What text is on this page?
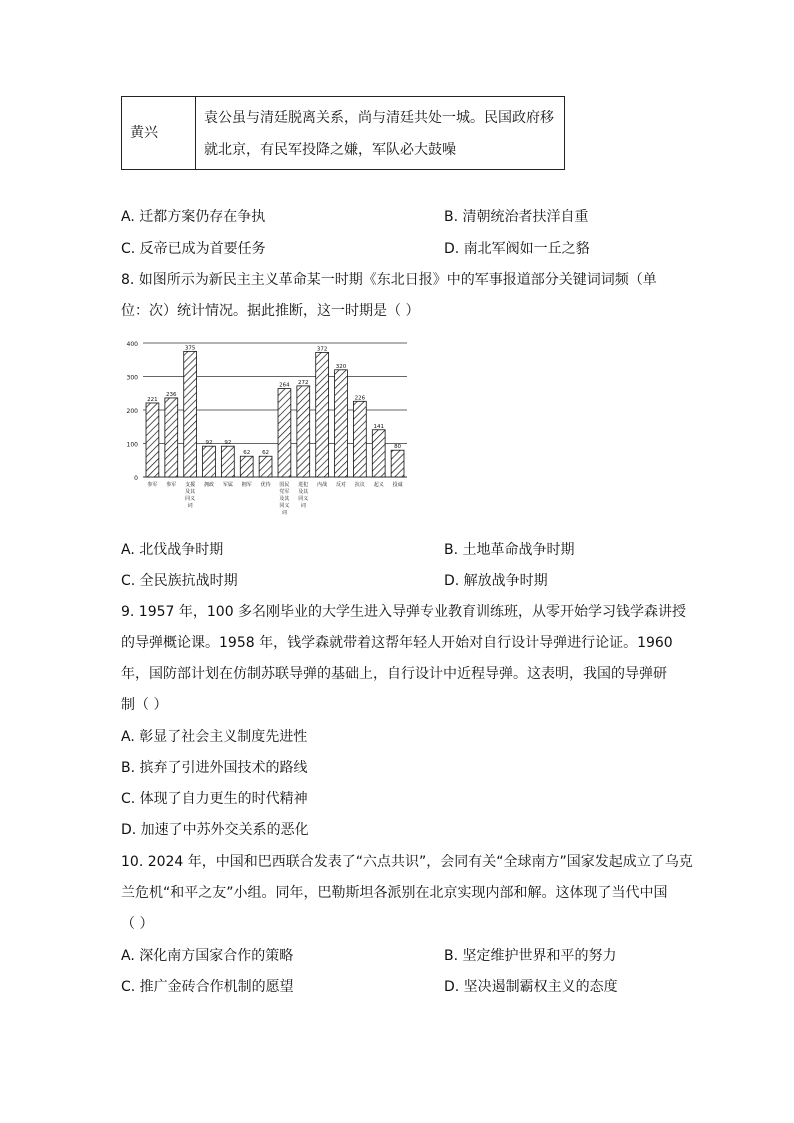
黄兴
袁公虽与清廷脱离关系，尚与清廷共处一城。民国政府移
就北京，有民军投降之嫌，军队必大鼓噪
A. 迁都方案仍存在争执	B. 清朝统治者扶洋自重
C. 反帝已成为首要任务	D. 南北军阀如一丘之貉
8. 如图所示为新民主主义革命某一时期《东北日报》中的军事报道部分关键词词频（单
位：次）统计情况。据此推断，这一时期是（ ）
0
100
200
300
400
221
236
375
92 92
62 62
264 272
372
320
226
141
80
参军 参军 支援及其同义词
拥政 军属 拥军 优待 国民党军及其同义词
进犯及其同义词
内战 反对 抗议 起义 投诚
A. 北伐战争时期	B. 土地革命战争时期
C. 全民族抗战时期	D. 解放战争时期
9. 1957 年，100 多名刚毕业的大学生进入导弹专业教育训练班，从零开始学习钱学森讲授
的导弹概论课。1958 年，钱学森就带着这帮年轻人开始对自行设计导弹进行论证。1960
年，国防部计划在仿制苏联导弹的基础上，自行设计中近程导弹。这表明，我国的导弹研
制（ ）
A. 彰显了社会主义制度先进性
B. 摈弃了引进外国技术的路线
C. 体现了自力更生的时代精神
D. 加速了中苏外交关系的恶化
10. 2024 年，中国和巴西联合发表了“六点共识”，会同有关“全球南方”国家发起成立了乌克
兰危机“和平之友”小组。同年，巴勒斯坦各派别在北京实现内部和解。这体现了当代中国
（ ）
A. 深化南方国家合作的策略	B. 坚定维护世界和平的努力
C. 推广金砖合作机制的愿望	D. 坚决遏制霸权主义的态度
